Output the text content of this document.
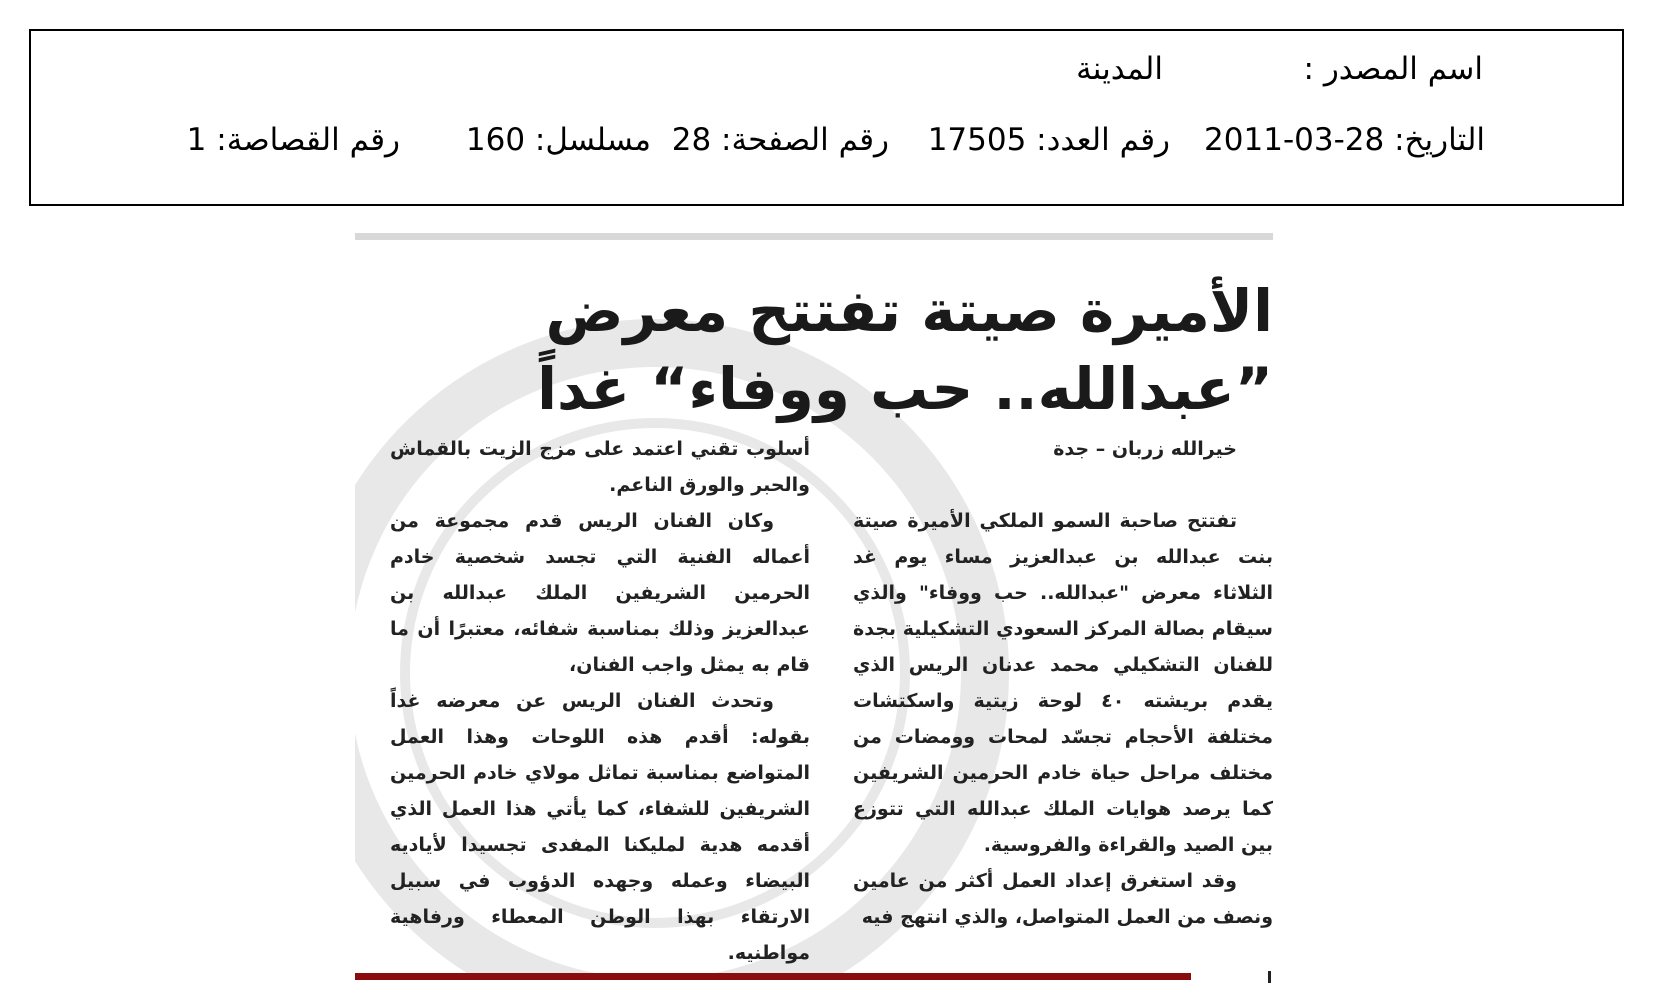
اسم المصدر :
المدينة
التاريخ: 28-03-2011
رقم العدد: 17505
رقم الصفحة: 28
مسلسل: 160
رقم القصاصة: 1
الأميرة صيتة تفتتح معرض
”عبدالله.. حب ووفاء“ غداً
خيرالله زربان – جدة
تفتتح صاحبة السمو الملكي الأميرة صيتة بنت عبدالله بن عبدالعزيز مساء يوم غد الثلاثاء معرض "عبدالله.. حب ووفاء" والذي سيقام بصالة المركز السعودي التشكيلية بجدة للفنان التشكيلي محمد عدنان الريس الذي يقدم بريشته ٤٠ لوحة زيتية واسكتشات مختلفة الأحجام تجسّد لمحات وومضات من مختلف مراحل حياة خادم الحرمين الشريفين كما يرصد هوايات الملك عبدالله التي تتوزع بين الصيد والقراءة والفروسية.
وقد استغرق إعداد العمل أكثر من عامين ونصف من العمل المتواصل، والذي انتهج فيه
أسلوب تقني اعتمد على مزج الزيت بالقماش والحبر والورق الناعم.
وكان الفنان الريس قدم مجموعة من أعماله الفنية التي تجسد شخصية خادم الحرمين الشريفين الملك عبدالله بن عبدالعزيز وذلك بمناسبة شفائه، معتبرًا أن ما قام به يمثل واجب الفنان،
وتحدث الفنان الريس عن معرضه غداً بقوله: أقدم هذه اللوحات وهذا العمل المتواضع بمناسبة تماثل مولاي خادم الحرمين الشريفين للشفاء، كما يأتي هذا العمل الذي أقدمه هدية لمليكنا المفدى تجسيدا لأياديه البيضاء وعمله وجهده الدؤوب في سبيل الارتقاء بهذا الوطن المعطاء ورفاهية مواطنيه.
